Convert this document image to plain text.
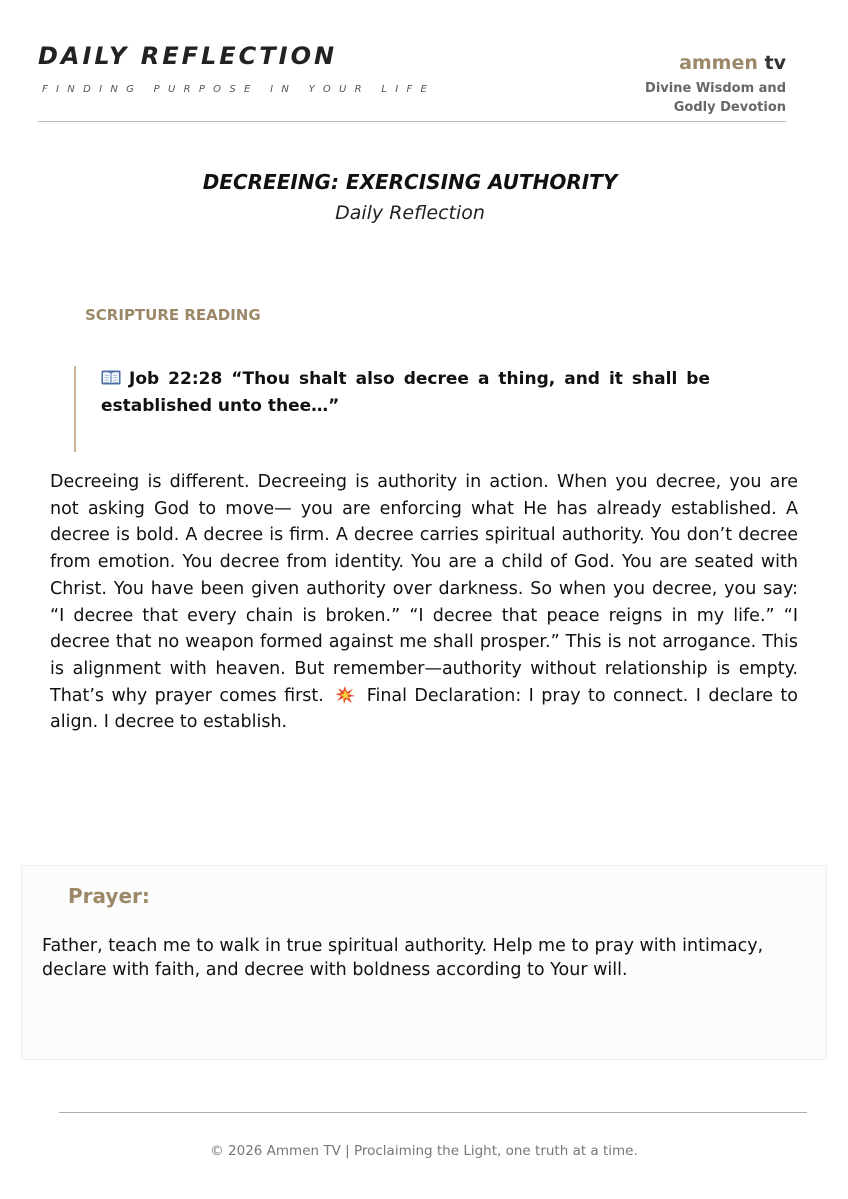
DAILY REFLECTION
FINDING PURPOSE IN YOUR LIFE
ammen tv
Divine Wisdom and
Godly Devotion
DECREEING: EXERCISING AUTHORITY
Daily Reflection
SCRIPTURE READING

Job 22:28 “Thou shalt also decree a thing, and it shall be established unto thee…”

Decreeing is different. Decreeing is authority in action. When you decree, you are not asking God to move— you are enforcing what He has already established. A decree is bold. A decree is firm. A decree carries spiritual authority. You don’t decree from emotion. You decree from identity. You are a child of God. You are seated with Christ. You have been given authority over darkness. So when you decree, you say: “I decree that every chain is broken.” “I decree that peace reigns in my life.” “I decree that no weapon formed against me shall prosper.” This is not arrogance. This is alignment with heaven. But remember—authority without relationship is empty. That’s why prayer comes first. Final Declaration: I pray to connect. I declare to align. I decree to establish.

Prayer:

Father, teach me to walk in true spiritual authority. Help me to pray with intimacy, declare with faith, and decree with boldness according to Your will.

© 2026 Ammen TV | Proclaiming the Light, one truth at a time.
